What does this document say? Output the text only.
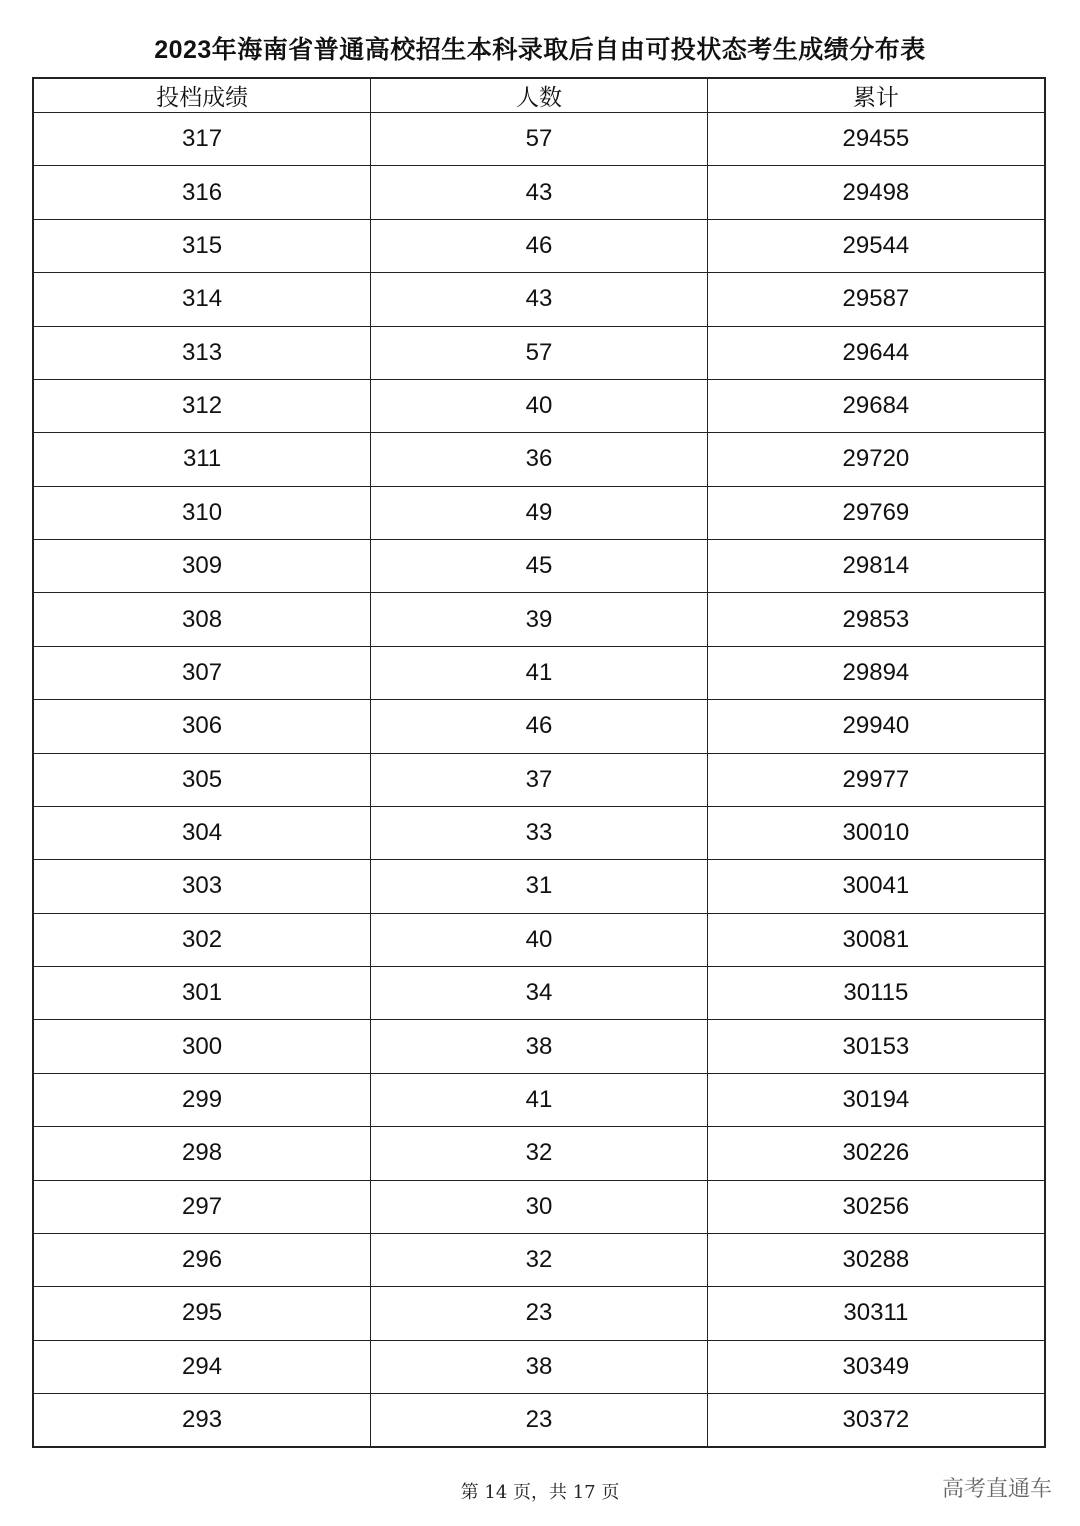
2023年海南省普通高校招生本科录取后自由可投状态考生成绩分布表
投档成绩	人数	累计
317	57	29455
316	43	29498
315	46	29544
314	43	29587
313	57	29644
312	40	29684
311	36	29720
310	49	29769
309	45	29814
308	39	29853
307	41	29894
306	46	29940
305	37	29977
304	33	30010
303	31	30041
302	40	30081
301	34	30115
300	38	30153
299	41	30194
298	32	30226
297	30	30256
296	32	30288
295	23	30311
294	38	30349
293	23	30372
第 14 页，共 17 页	高考直通车
